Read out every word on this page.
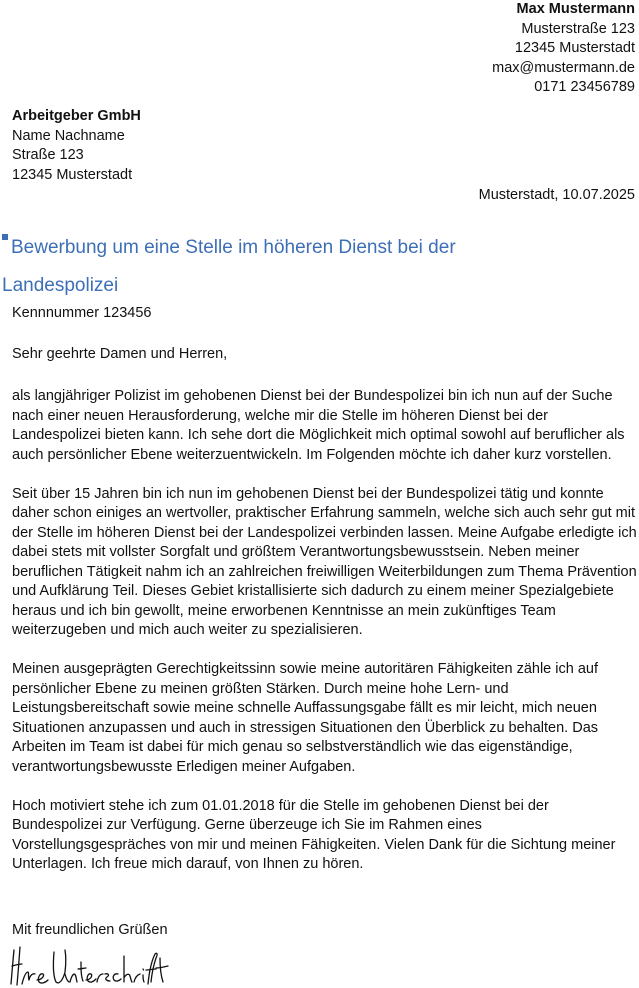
Max Mustermann
Musterstraße 123
12345 Musterstadt
max@mustermann.de
0171 23456789
Arbeitgeber GmbH
Name Nachname
Straße 123
12345 Musterstadt
Musterstadt, 10.07.2025
Bewerbung um eine Stelle im höheren Dienst bei der Landespolizei
Kennnummer 123456
Sehr geehrte Damen und Herren,

als langjähriger Polizist im gehobenen Dienst bei der Bundespolizei bin ich nun auf der Suche nach einer neuen Herausforderung, welche mir die Stelle im höheren Dienst bei der Landespolizei bieten kann. Ich sehe dort die Möglichkeit mich optimal sowohl auf beruflicher als auch persönlicher Ebene weiterzuentwickeln. Im Folgenden möchte ich daher kurz vorstellen.

Seit über 15 Jahren bin ich nun im gehobenen Dienst bei der Bundespolizei tätig und konnte daher schon einiges an wertvoller, praktischer Erfahrung sammeln, welche sich auch sehr gut mit der Stelle im höheren Dienst bei der Landespolizei verbinden lassen. Meine Aufgabe erledigte ich dabei stets mit vollster Sorgfalt und größtem Verantwortungsbewusstsein. Neben meiner beruflichen Tätigkeit nahm ich an zahlreichen freiwilligen Weiterbildungen zum Thema Prävention und Aufklärung Teil. Dieses Gebiet kristallisierte sich dadurch zu einem meiner Spezialgebiete heraus und ich bin gewollt, meine erworbenen Kenntnisse an mein zukünftiges Team weiterzugeben und mich auch weiter zu spezialisieren.

Meinen ausgeprägten Gerechtigkeitssinn sowie meine autoritären Fähigkeiten zähle ich auf persönlicher Ebene zu meinen größten Stärken. Durch meine hohe Lern- und Leistungsbereitschaft sowie meine schnelle Auffassungsgabe fällt es mir leicht, mich neuen Situationen anzupassen und auch in stressigen Situationen den Überblick zu behalten. Das Arbeiten im Team ist dabei für mich genau so selbstverständlich wie das eigenständige, verantwortungsbewusste Erledigen meiner Aufgaben.

Hoch motiviert stehe ich zum 01.01.2018 für die Stelle im gehobenen Dienst bei der Bundespolizei zur Verfügung. Gerne überzeuge ich Sie im Rahmen eines Vorstellungsgespräches von mir und meinen Fähigkeiten. Vielen Dank für die Sichtung meiner Unterlagen. Ich freue mich darauf, von Ihnen zu hören.

Mit freundlichen Grüßen
